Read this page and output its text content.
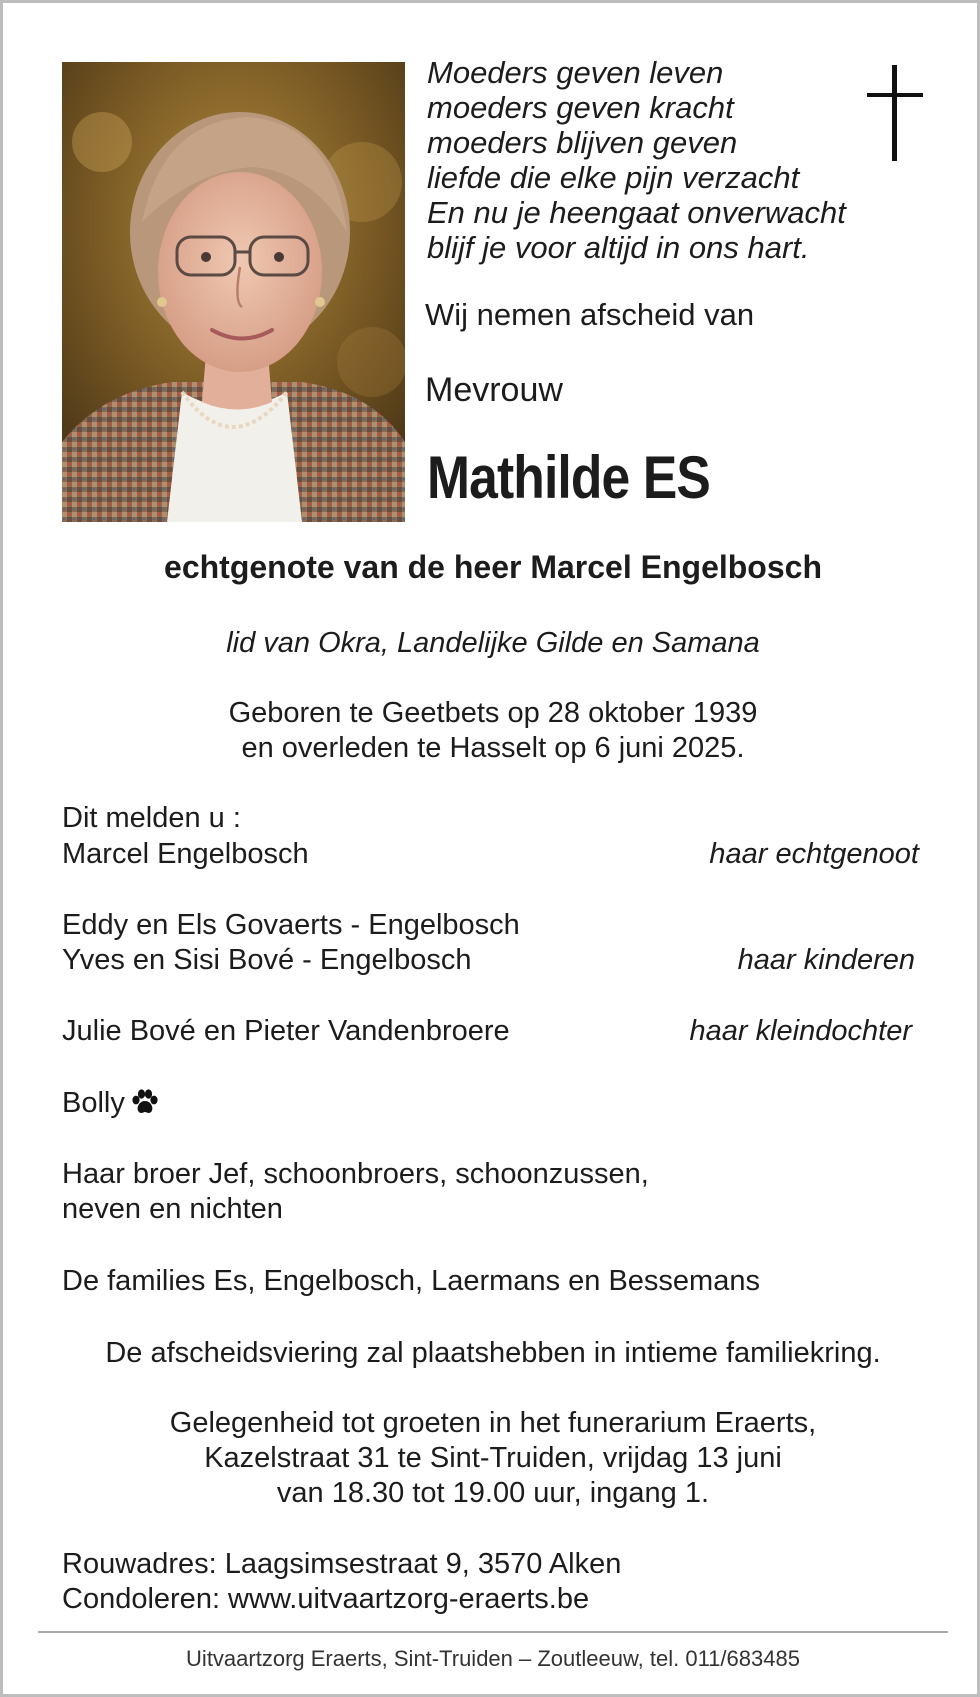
Moeders geven leven
moeders geven kracht
moeders blijven geven
liefde die elke pijn verzacht
En nu je heengaat onverwacht
blijf je voor altijd in ons hart.
Wij nemen afscheid van
Mevrouw
Mathilde ES
echtgenote van de heer Marcel Engelbosch
lid van Okra, Landelijke Gilde en Samana
Geboren te Geetbets op 28 oktober 1939
en overleden te Hasselt op 6 juni 2025.
Dit melden u :
Marcel Engelbosch	haar echtgenoot
Eddy en Els Govaerts - Engelbosch
Yves en Sisi Bové - Engelbosch	haar kinderen
Julie Bové en Pieter Vandenbroere	haar kleindochter
Bolly
Haar broer Jef, schoonbroers, schoonzussen,
neven en nichten
De families Es, Engelbosch, Laermans en Bessemans
De afscheidsviering zal plaatshebben in intieme familiekring.
Gelegenheid tot groeten in het funerarium Eraerts,
Kazelstraat 31 te Sint-Truiden, vrijdag 13 juni
van 18.30 tot 19.00 uur, ingang 1.
Rouwadres: Laagsimsestraat 9, 3570 Alken
Condoleren: www.uitvaartzorg-eraerts.be
Uitvaartzorg Eraerts, Sint-Truiden – Zoutleeuw, tel. 011/683485
